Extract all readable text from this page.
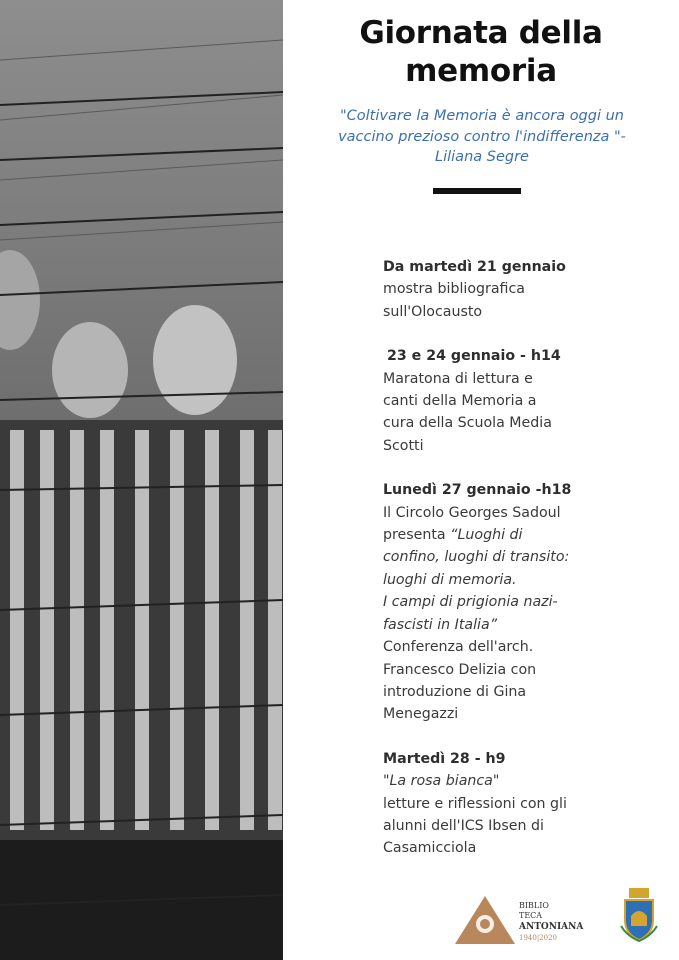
Giornata della memoria
"Coltivare la Memoria è ancora oggi un vaccino prezioso contro l'indifferenza "- Liliana Segre

Da martedì 21 gennaio

mostra bibliografica

sull'Olocausto

23 e 24 gennaio - h14

Maratona di lettura e

canti della Memoria a

cura della Scuola Media

Scotti

Lunedì 27 gennaio -h18

Il Circolo Georges Sadoul

presenta “Luoghi di

confino, luoghi di transito:

luoghi di memoria.

I campi di prigionia nazi-

fascisti in Italia”

Conferenza dell'arch.

Francesco Delizia con

introduzione di Gina

Menegazzi

Martedì 28 - h9

"La rosa bianca"

letture e riflessioni con gli

alunni dell'ICS Ibsen di

Casamicciola

BIBLIO
TECA
ANTONIANA
1940|2020
